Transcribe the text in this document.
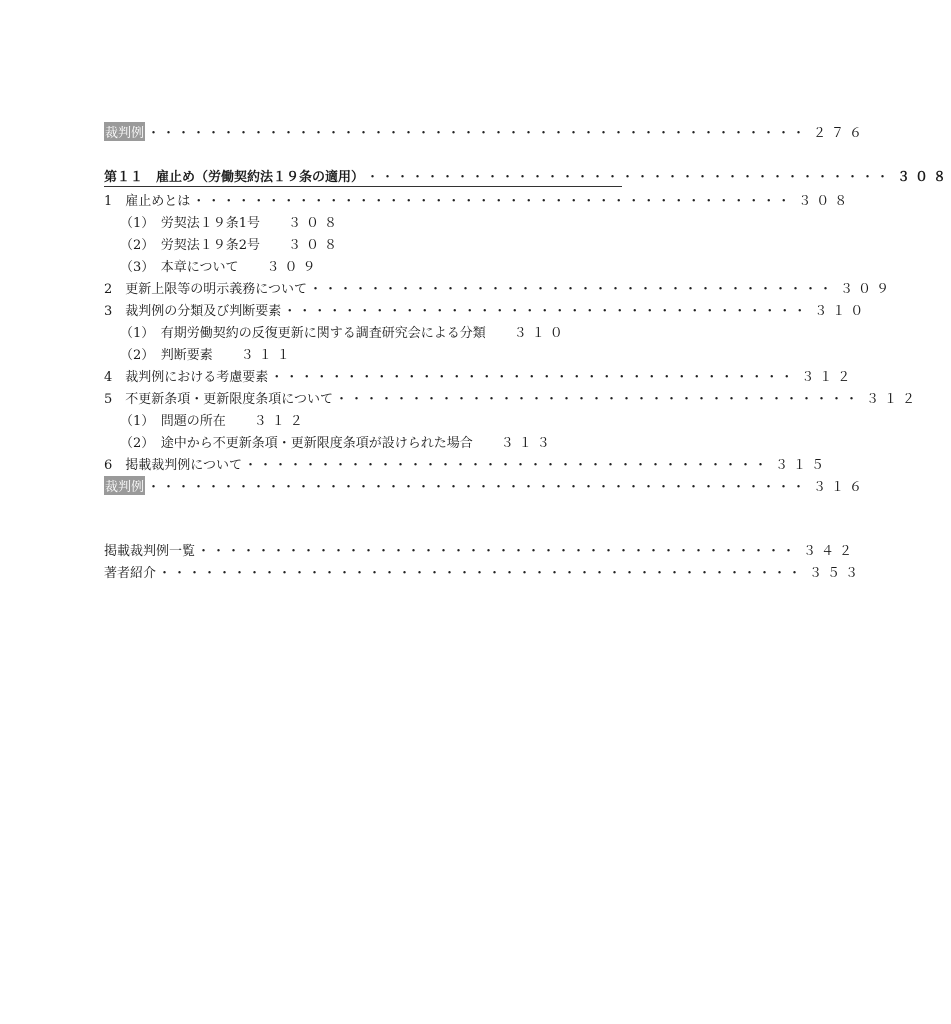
裁判例 ・・・・・・・・・・・・・・・・・・・・・・・・・・・・・・・・・・・・・・・・・・・・ ２７６
第１１　雇止め（労働契約法１９条の適用） ・・・・・・・・・・・・・・・・・・・・・・・・・・・・・・・・・・・ ３０８
1　雇止めとは ・・・・・・・・・・・・・・・・・・・・・・・・・・・・・・・・・・・・・・・・ ３０８
（1）　労契法１９条1号 ３０８
（2）　労契法１９条2号 ３０８
（3）　本章について ３０９
2　更新上限等の明示義務について ・・・・・・・・・・・・・・・・・・・・・・・・・・・・・・・・・・・ ３０９
3　裁判例の分類及び判断要素 ・・・・・・・・・・・・・・・・・・・・・・・・・・・・・・・・・・・ ３１０
（1）　有期労働契約の反復更新に関する調査研究会による分類 ３１０
（2）　判断要素 ３１１
4　裁判例における考慮要素 ・・・・・・・・・・・・・・・・・・・・・・・・・・・・・・・・・・・ ３１２
5　不更新条項・更新限度条項について ・・・・・・・・・・・・・・・・・・・・・・・・・・・・・・・・・・・ ３１２
（1）　問題の所在 ３１２
（2）　途中から不更新条項・更新限度条項が設けられた場合 ３１３
6　掲載裁判例について ・・・・・・・・・・・・・・・・・・・・・・・・・・・・・・・・・・・ ３１５
裁判例 ・・・・・・・・・・・・・・・・・・・・・・・・・・・・・・・・・・・・・・・・・・・・ ３１６
掲載裁判例一覧 ・・・・・・・・・・・・・・・・・・・・・・・・・・・・・・・・・・・・・・・・ ３４２
著者紹介 ・・・・・・・・・・・・・・・・・・・・・・・・・・・・・・・・・・・・・・・・・・・ ３５３
